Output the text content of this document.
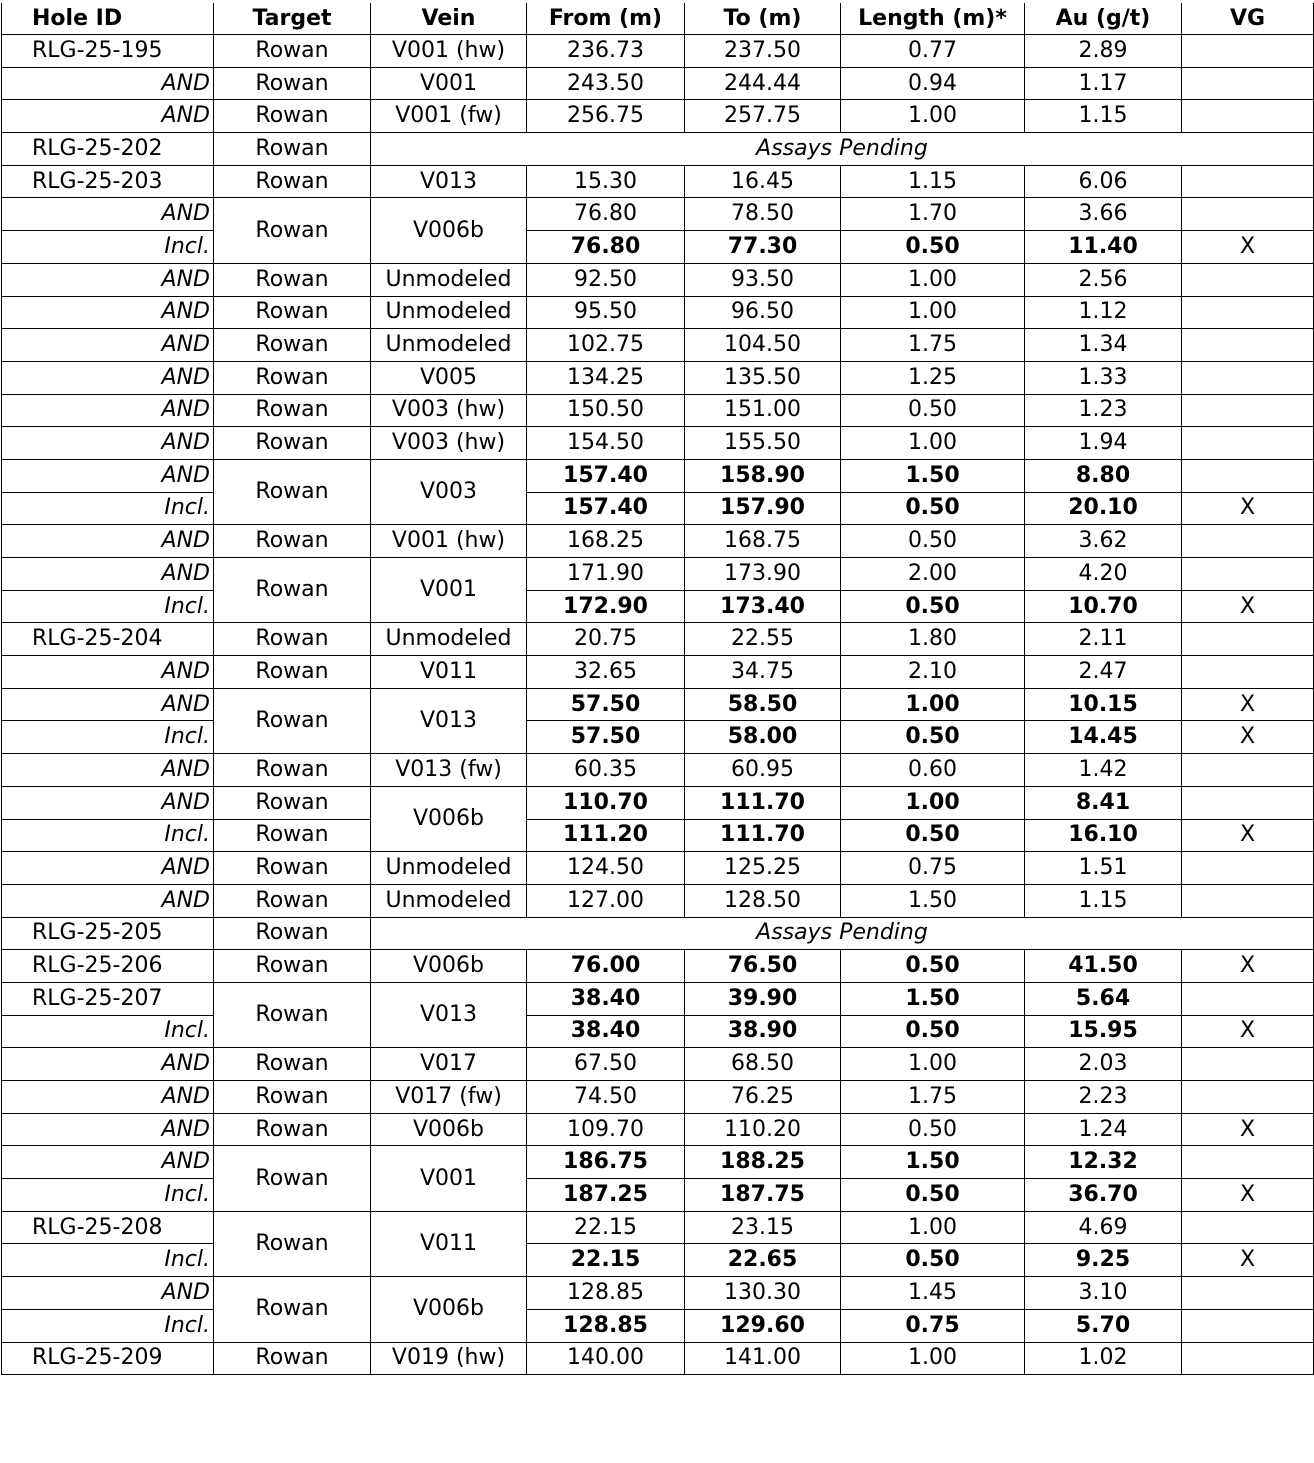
Hole ID	Target	Vein	From (m)	To (m)	Length (m)*	Au (g/t)	VG
RLG-25-195	Rowan	V001 (hw)	236.73	237.50	0.77	2.89	
AND	Rowan	V001	243.50	244.44	0.94	1.17	
AND	Rowan	V001 (fw)	256.75	257.75	1.00	1.15	
RLG-25-202	Rowan	Assays Pending					
RLG-25-203	Rowan	V013	15.30	16.45	1.15	6.06	
AND	Rowan	V006b	76.80	78.50	1.70	3.66	
Incl.			76.80	77.30	0.50	11.40	X
AND	Rowan	Unmodeled	92.50	93.50	1.00	2.56	
AND	Rowan	Unmodeled	95.50	96.50	1.00	1.12	
AND	Rowan	Unmodeled	102.75	104.50	1.75	1.34	
AND	Rowan	V005	134.25	135.50	1.25	1.33	
AND	Rowan	V003 (hw)	150.50	151.00	0.50	1.23	
AND	Rowan	V003 (hw)	154.50	155.50	1.00	1.94	
AND	Rowan	V003	157.40	158.90	1.50	8.80	
Incl.			157.40	157.90	0.50	20.10	X
AND	Rowan	V001 (hw)	168.25	168.75	0.50	3.62	
AND	Rowan	V001	171.90	173.90	2.00	4.20	
Incl.			172.90	173.40	0.50	10.70	X
RLG-25-204	Rowan	Unmodeled	20.75	22.55	1.80	2.11	
AND	Rowan	V011	32.65	34.75	2.10	2.47	
AND	Rowan	V013	57.50	58.50	1.00	10.15	X
Incl.			57.50	58.00	0.50	14.45	X
AND	Rowan	V013 (fw)	60.35	60.95	0.60	1.42	
AND	Rowan	V006b	110.70	111.70	1.00	8.41	
Incl.	Rowan		111.20	111.70	0.50	16.10	X
AND	Rowan	Unmodeled	124.50	125.25	0.75	1.51	
AND	Rowan	Unmodeled	127.00	128.50	1.50	1.15	
RLG-25-205	Rowan	Assays Pending					
RLG-25-206	Rowan	V006b	76.00	76.50	0.50	41.50	X
RLG-25-207	Rowan	V013	38.40	39.90	1.50	5.64	
Incl.			38.40	38.90	0.50	15.95	X
AND	Rowan	V017	67.50	68.50	1.00	2.03	
AND	Rowan	V017 (fw)	74.50	76.25	1.75	2.23	
AND	Rowan	V006b	109.70	110.20	0.50	1.24	X
AND	Rowan	V001	186.75	188.25	1.50	12.32	
Incl.			187.25	187.75	0.50	36.70	X
RLG-25-208	Rowan	V011	22.15	23.15	1.00	4.69	
Incl.			22.15	22.65	0.50	9.25	X
AND	Rowan	V006b	128.85	130.30	1.45	3.10	
Incl.			128.85	129.60	0.75	5.70	
RLG-25-209	Rowan	V019 (hw)	140.00	141.00	1.00	1.02	
